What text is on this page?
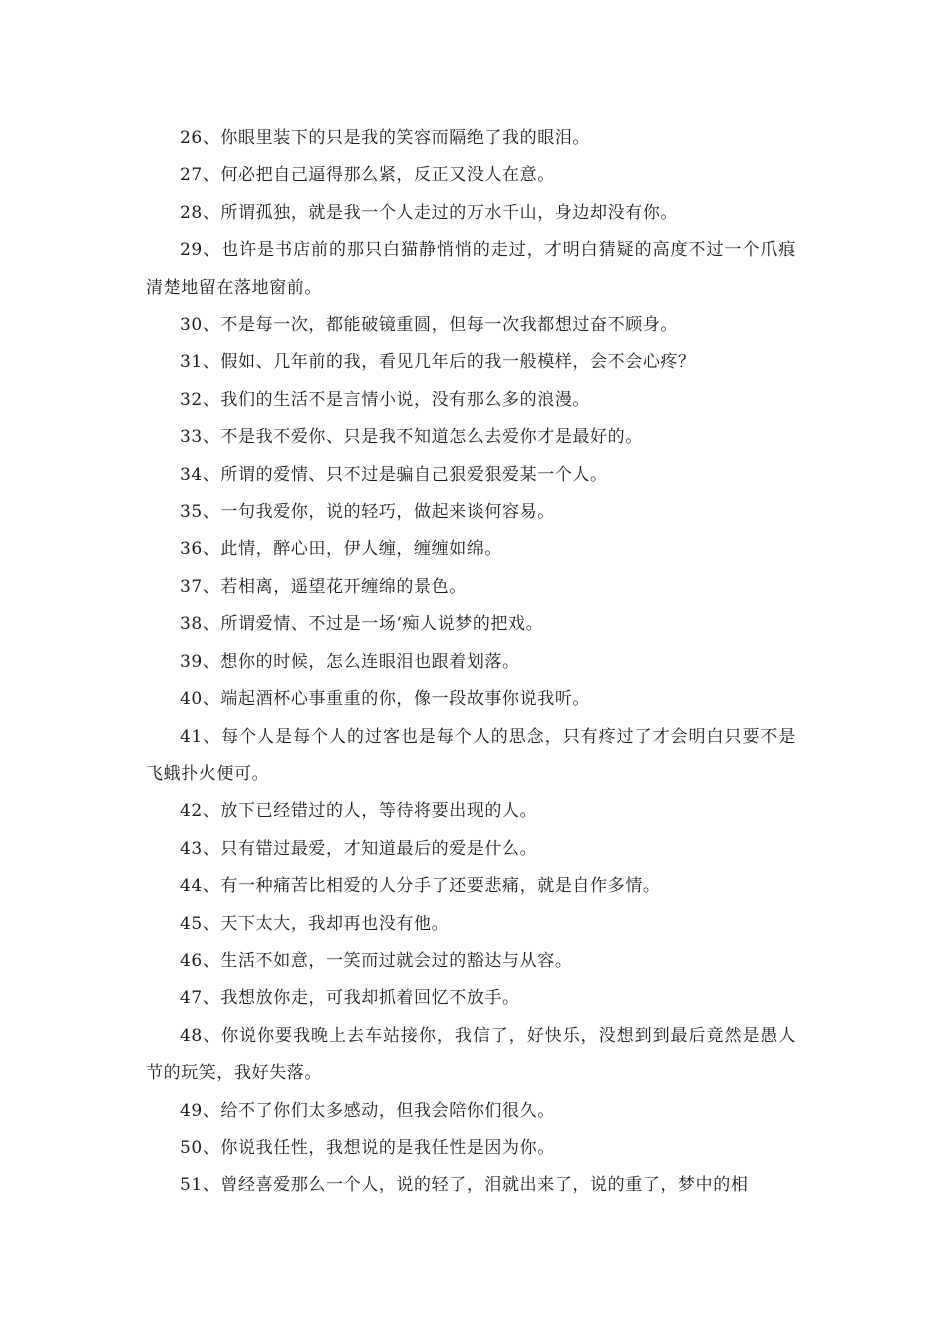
26、你眼里装下的只是我的笑容而隔绝了我的眼泪。

27、何必把自己逼得那么紧，反正又没人在意。

28、所谓孤独，就是我一个人走过的万水千山，身边却没有你。

29、也许是书店前的那只白猫静悄悄的走过，才明白猜疑的高度不过一个爪痕清楚地留在落地窗前。

30、不是每一次，都能破镜重圆，但每一次我都想过奋不顾身。

31、假如、几年前的我，看见几年后的我一般模样，会不会心疼？

32、我们的生活不是言情小说，没有那么多的浪漫。

33、不是我不爱你、只是我不知道怎么去爱你才是最好的。

34、所谓的爱情、只不过是骗自己狠爱狠爱某一个人。

35、一句我爱你，说的轻巧，做起来谈何容易。

36、此情，醉心田，伊人缠，缠缠如绵。

37、若相离，遥望花开缠绵的景色。

38、所谓爱情、不过是一场‘痴人说梦的把戏。

39、想你的时候，怎么连眼泪也跟着划落。

40、端起酒杯心事重重的你，像一段故事你说我听。

41、每个人是每个人的过客也是每个人的思念，只有疼过了才会明白只要不是飞蛾扑火便可。

42、放下已经错过的人，等待将要出现的人。

43、只有错过最爱，才知道最后的爱是什么。

44、有一种痛苦比相爱的人分手了还要悲痛，就是自作多情。

45、天下太大，我却再也没有他。

46、生活不如意，一笑而过就会过的豁达与从容。

47、我想放你走，可我却抓着回忆不放手。

48、你说你要我晚上去车站接你，我信了，好快乐，没想到到最后竟然是愚人节的玩笑，我好失落。

49、给不了你们太多感动，但我会陪你们很久。

50、你说我任性，我想说的是我任性是因为你。

51、曾经喜爱那么一个人，说的轻了，泪就出来了，说的重了，梦中的相
